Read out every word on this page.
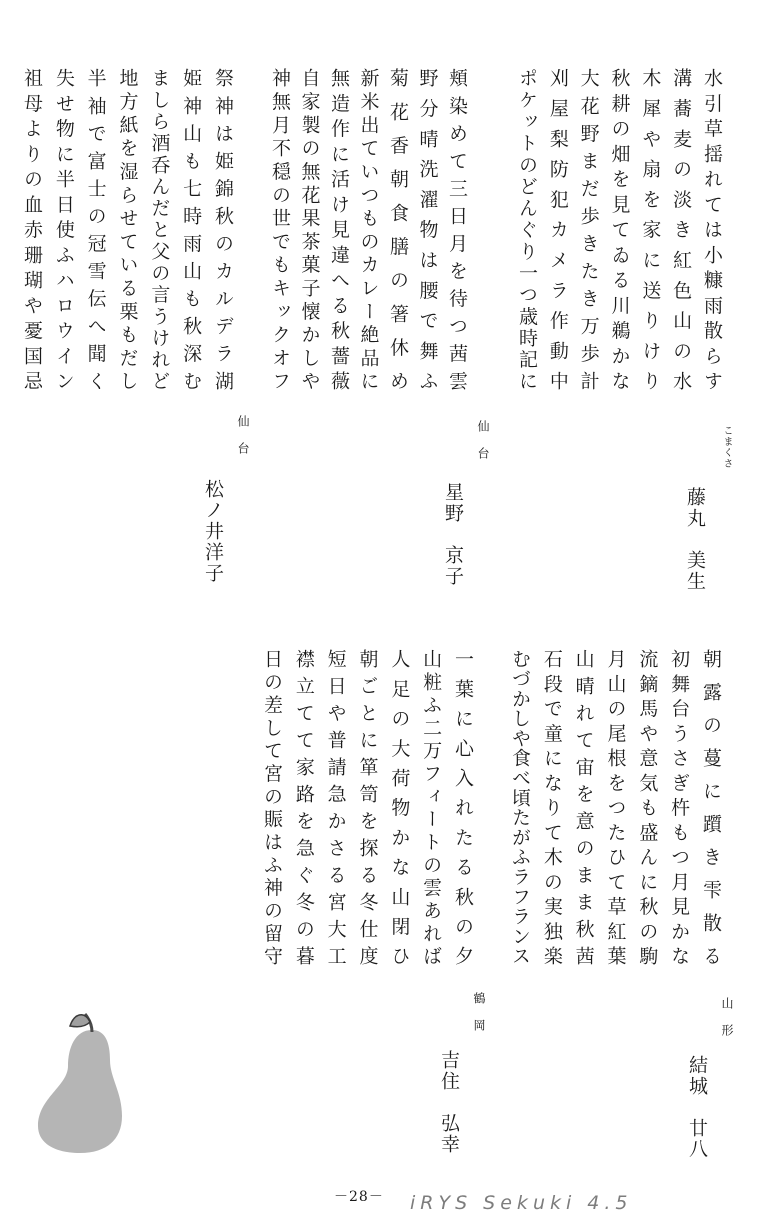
水引草揺れては小糠雨散らす
溝蕎麦の淡き紅色山の水
木犀や扇を家に送りけり
秋耕の畑を見てゐる川鵜かな
大花野まだ歩きたき万歩計
刈屋梨防犯カメラ作動中
ポケットのどんぐり一つ歳時記に
こまくさ
藤丸　美生
頬染めて三日月を待つ茜雲
野分晴洗濯物は腰で舞ふ
菊花香朝食膳の箸休め
新米出ていつものカレー絶品に
無造作に活け見違へる秋薔薇
自家製の無花果茶菓子懐かしや
神無月不穏の世でもキックオフ
仙台
星野　京子
祭神は姫錦秋のカルデラ湖
姫神山も七時雨山も秋深む
ましら酒呑んだと父の言うけれど
地方紙を湿らせている栗もだし
半袖で富士の冠雪伝へ聞く
失せ物に半日使ふハロウイン
祖母よりの血赤珊瑚や憂国忌
仙台
松ノ井洋子
朝露の蔓に躓き雫散る
初舞台うさぎ杵もつ月見かな
流鏑馬や意気も盛んに秋の駒
月山の尾根をつたひて草紅葉
山晴れて宙を意のまま秋茜
石段で童になりて木の実独楽
むづかしや食べ頃たがふラフランス
山形
結城　廿八
一葉に心入れたる秋の夕
山粧ふ二万フィートの雲あれば
人足の大荷物かな山閉ひ
朝ごとに箪笥を探る冬仕度
短日や普請急かさる宮大工
襟立てて家路を急ぐ冬の暮
日の差して宮の賑はふ神の留守
鶴岡
吉住　弘幸
－28－ iRYS Sekuki 4.5
